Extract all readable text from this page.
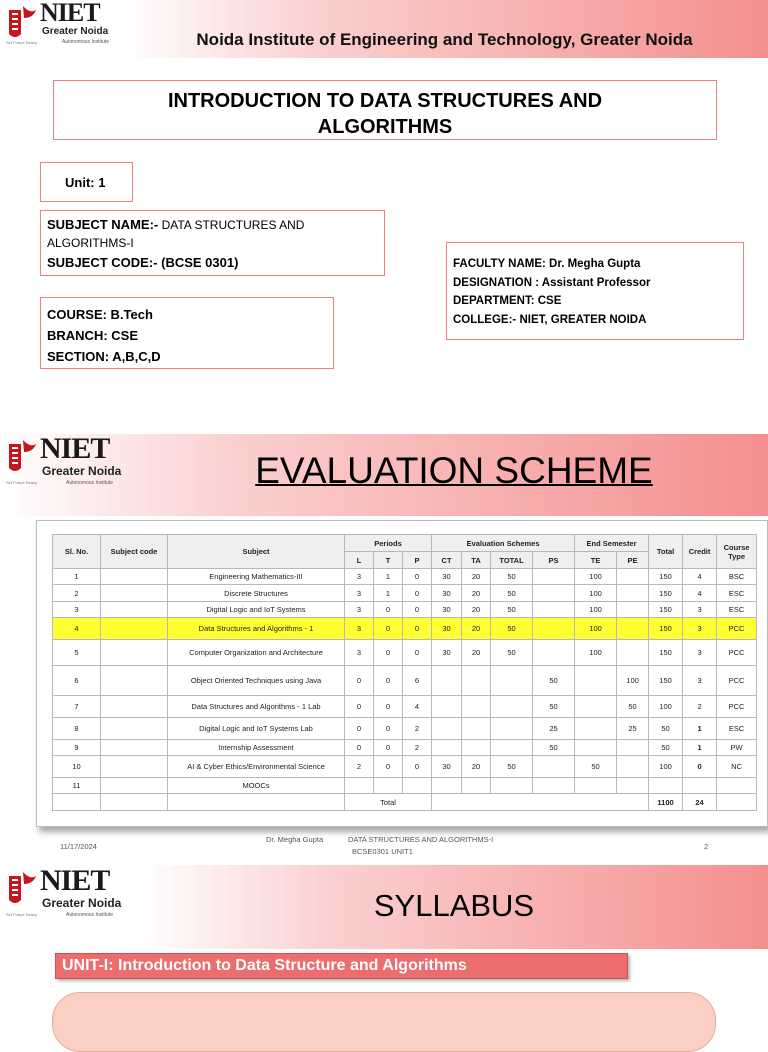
NIET
Greater Noida
Autonomous Institute
Set Future Ready	Noida Institute of Engineering and Technology, Greater Noida
INTRODUCTION TO DATA STRUCTURES AND
ALGORITHMS
Unit: 1
SUBJECT NAME:- DATA STRUCTURES AND ALGORITHMS-I
SUBJECT CODE:- (BCSE 0301)
COURSE: B.Tech
BRANCH: CSE
SECTION: A,B,C,D
FACULTY NAME: Dr. Megha Gupta
DESIGNATION : Assistant Professor
DEPARTMENT: CSE
COLLEGE:- NIET, GREATER NOIDA
NIET
Greater Noida
Autonomous Institute
Set Future Ready	EVALUATION SCHEME
Sl. No.	Subject code	Subject	Periods			Evaluation Schemes				End Semester		Total	Credit	Course Type
			L	T	P	CT	TA	TOTAL	PS	TE	PE			
1		Engineering Mathematics-III	3	1	0	30	20	50		100		150	4	BSC
2		Discrete Structures	3	1	0	30	20	50		100		150	4	ESC
3		Digital Logic and IoT Systems	3	0	0	30	20	50		100		150	3	ESC
4		Data Structures and Algorithms - 1	3	0	0	30	20	50		100		150	3	PCC
5		Computer Organization and Architecture	3	0	0	30	20	50		100		150	3	PCC
6		Object Oriented Techniques using Java	0	0	6				50		100	150	3	PCC
7		Data Structures and Algorithms - 1 Lab	0	0	4				50		50	100	2	PCC
8		Digital Logic and IoT Systems Lab	0	0	2				25		25	50	1	ESC
9		Internship Assessment	0	0	2				50			50	1	PW
10		AI & Cyber Ethics/Environmental Science	2	0	0	30	20	50		50		100	0	NC
11		MOOCs												
			Total									1100	24	
11/17/2024
Dr. Megha Gupta	DATA STRUCTURES AND ALGORITHMS-I
BCSE0301 UNIT1
2
NIET
Greater Noida
Autonomous Institute
Set Future Ready	SYLLABUS
UNIT-I: Introduction to Data Structure and Algorithms
